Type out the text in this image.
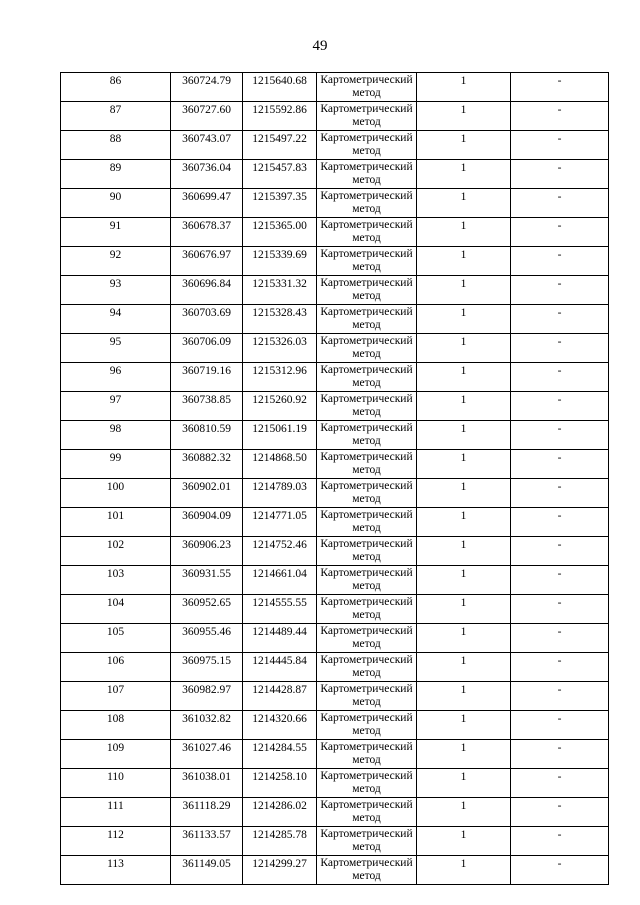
49
86	360724.79	1215640.68	Картометрический метод	1	-
87	360727.60	1215592.86	Картометрический метод	1	-
88	360743.07	1215497.22	Картометрический метод	1	-
89	360736.04	1215457.83	Картометрический метод	1	-
90	360699.47	1215397.35	Картометрический метод	1	-
91	360678.37	1215365.00	Картометрический метод	1	-
92	360676.97	1215339.69	Картометрический метод	1	-
93	360696.84	1215331.32	Картометрический метод	1	-
94	360703.69	1215328.43	Картометрический метод	1	-
95	360706.09	1215326.03	Картометрический метод	1	-
96	360719.16	1215312.96	Картометрический метод	1	-
97	360738.85	1215260.92	Картометрический метод	1	-
98	360810.59	1215061.19	Картометрический метод	1	-
99	360882.32	1214868.50	Картометрический метод	1	-
100	360902.01	1214789.03	Картометрический метод	1	-
101	360904.09	1214771.05	Картометрический метод	1	-
102	360906.23	1214752.46	Картометрический метод	1	-
103	360931.55	1214661.04	Картометрический метод	1	-
104	360952.65	1214555.55	Картометрический метод	1	-
105	360955.46	1214489.44	Картометрический метод	1	-
106	360975.15	1214445.84	Картометрический метод	1	-
107	360982.97	1214428.87	Картометрический метод	1	-
108	361032.82	1214320.66	Картометрический метод	1	-
109	361027.46	1214284.55	Картометрический метод	1	-
110	361038.01	1214258.10	Картометрический метод	1	-
111	361118.29	1214286.02	Картометрический метод	1	-
112	361133.57	1214285.78	Картометрический метод	1	-
113	361149.05	1214299.27	Картометрический метод	1	-
